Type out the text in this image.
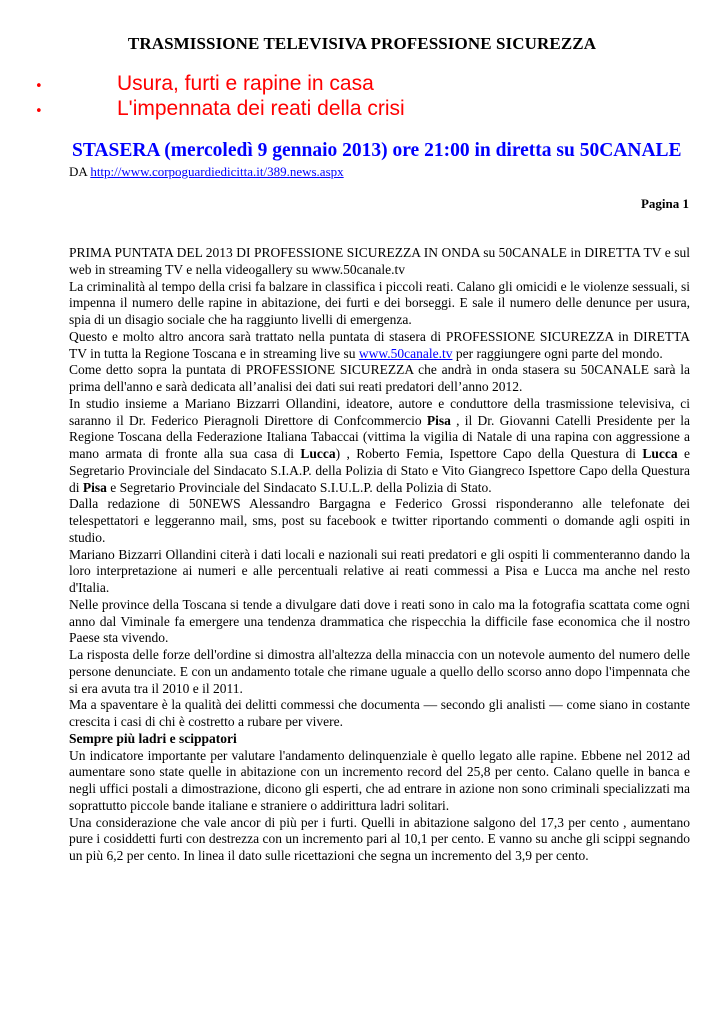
TRASMISSIONE TELEVISIVA PROFESSIONE SICUREZZA
•	Usura, furti e rapine in casa
•	L'impennata dei reati della crisi
STASERA (mercoledì 9 gennaio 2013) ore 21:00 in diretta su 50CANALE
DA http://www.corpoguardiedicitta.it/389.news.aspx
Pagina 1

PRIMA PUNTATA DEL 2013 DI PROFESSIONE SICUREZZA IN ONDA su 50CANALE in DIRETTA TV e sul web in streaming TV e nella videogallery su www.50canale.tv

La criminalità al tempo della crisi fa balzare in classifica i piccoli reati. Calano gli omicidi e le violenze sessuali, si impenna il numero delle rapine in abitazione, dei furti e dei borseggi. E sale il numero delle denunce per usura, spia di un disagio sociale che ha raggiunto livelli di emergenza.

Questo e molto altro ancora sarà trattato nella puntata di stasera di PROFESSIONE SICUREZZA in DIRETTA TV in tutta la Regione Toscana e in streaming live su www.50canale.tv per raggiungere ogni parte del mondo.

Come detto sopra la puntata di PROFESSIONE SICUREZZA che andrà in onda stasera su 50CANALE sarà la prima dell'anno e sarà dedicata all’analisi dei dati sui reati predatori dell’anno 2012.

In studio insieme a Mariano Bizzarri Ollandini, ideatore, autore e conduttore della trasmissione televisiva, ci saranno il Dr. Federico Pieragnoli Direttore di Confcommercio Pisa , il Dr. Giovanni Catelli Presidente per la Regione Toscana della Federazione Italiana Tabaccai (vittima la vigilia di Natale di una rapina con aggressione a mano armata di fronte alla sua casa di Lucca) , Roberto Femia, Ispettore Capo della Questura di Lucca e Segretario Provinciale del Sindacato S.I.A.P. della Polizia di Stato e Vito Giangreco Ispettore Capo della Questura di Pisa e Segretario Provinciale del Sindacato S.I.U.L.P. della Polizia di Stato.

Dalla redazione di 50NEWS Alessandro Bargagna e Federico Grossi risponderanno alle telefonate dei telespettatori e leggeranno mail, sms, post su facebook e twitter riportando commenti o domande agli ospiti in studio.

Mariano Bizzarri Ollandini citerà i dati locali e nazionali sui reati predatori e gli ospiti li commenteranno dando la loro interpretazione ai numeri e alle percentuali relative ai reati commessi a Pisa e Lucca ma anche nel resto d'Italia.

Nelle province della Toscana si tende a divulgare dati dove i reati sono in calo ma la fotografia scattata come ogni anno dal Viminale fa emergere una tendenza drammatica che rispecchia la difficile fase economica che il nostro Paese sta vivendo.

La risposta delle forze dell'ordine si dimostra all'altezza della minaccia con un notevole aumento del numero delle persone denunciate. E con un andamento totale che rimane uguale a quello dello scorso anno dopo l'impennata che si era avuta tra il 2010 e il 2011.

Ma a spaventare è la qualità dei delitti commessi che documenta — secondo gli analisti — come siano in costante crescita i casi di chi è costretto a rubare per vivere.

Sempre più ladri e scippatori

Un indicatore importante per valutare l'andamento delinquenziale è quello legato alle rapine. Ebbene nel 2012 ad aumentare sono state quelle in abitazione con un incremento record del 25,8 per cento. Calano quelle in banca e negli uffici postali a dimostrazione, dicono gli esperti, che ad entrare in azione non sono criminali specializzati ma soprattutto piccole bande italiane e straniere o addirittura ladri solitari.

Una considerazione che vale ancor di più per i furti. Quelli in abitazione salgono del 17,3 per cento , aumentano pure i cosiddetti furti con destrezza con un incremento pari al 10,1 per cento. E vanno su anche gli scippi segnando un più 6,2 per cento. In linea il dato sulle ricettazioni che segna un incremento del 3,9 per cento.
